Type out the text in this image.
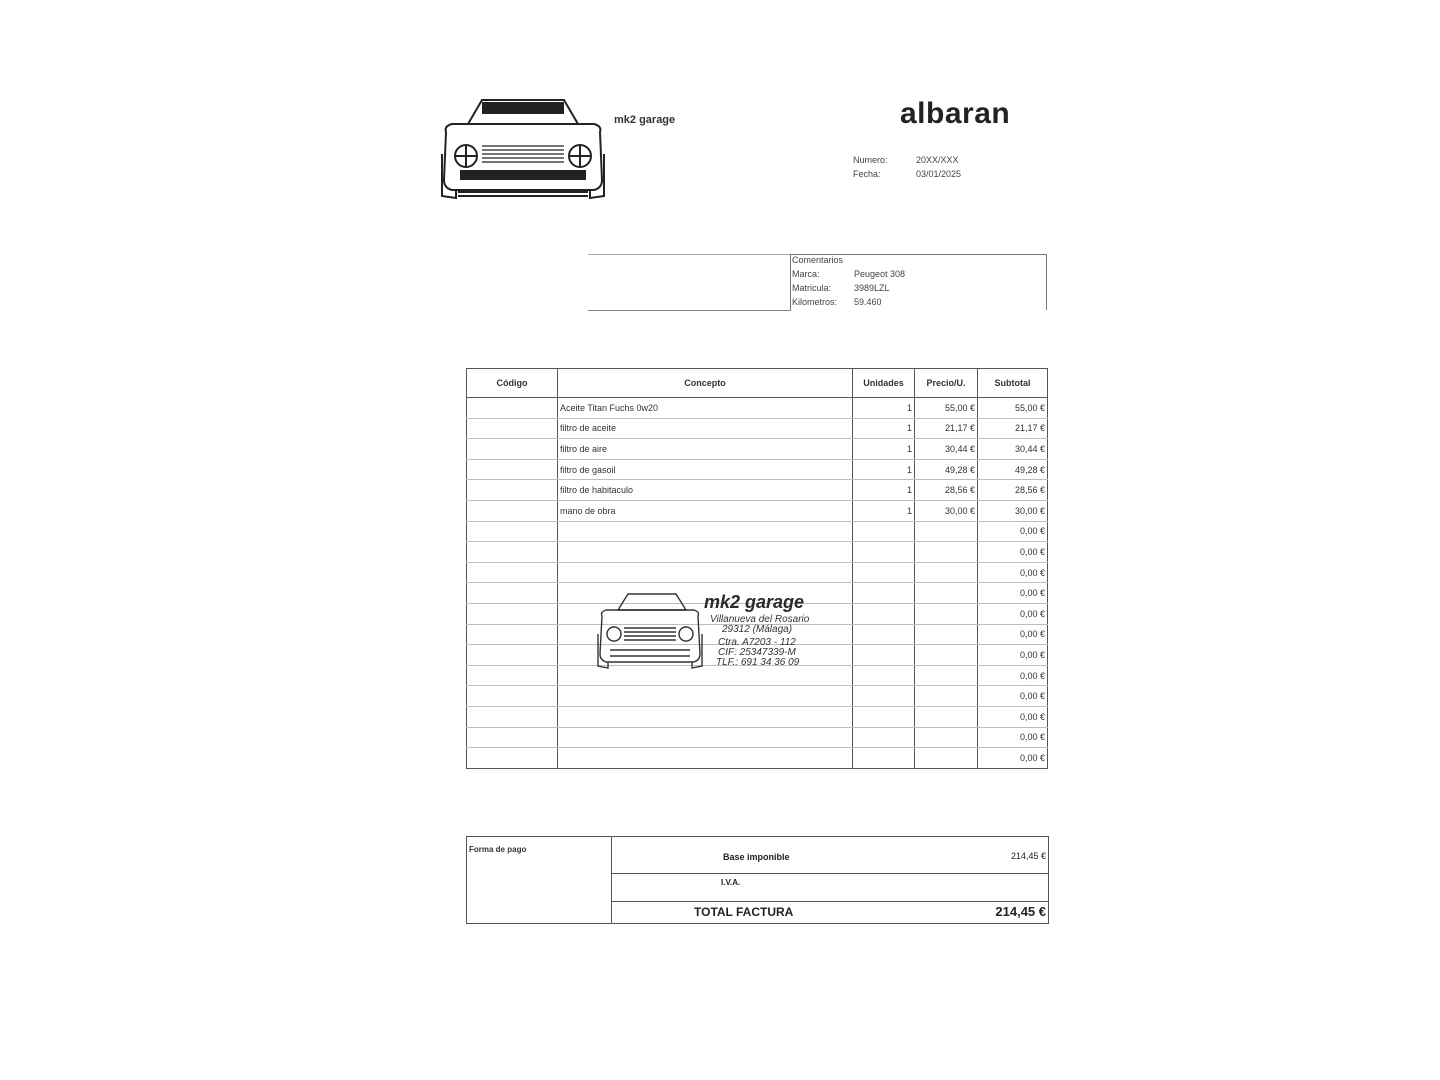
mk2 garage	albaran
Numero:	20XX/XXX
Fecha:	03/01/2025
Comentarios
Marca:	Peugeot 308
Matricula:	3989LZL
Kilometros:	59.460
Código	Concepto	Unidades	Precio/U.	Subtotal
	Aceite Titan Fuchs 0w20	1	55,00 €	55,00 €
	filtro de aceite	1	21,17 €	21,17 €
	filtro de aire	1	30,44 €	30,44 €
	filtro de gasoil	1	49,28 €	49,28 €
	filtro de habitaculo	1	28,56 €	28,56 €
	mano de obra	1	30,00 €	30,00 €
				0,00 €
				0,00 €
				0,00 €
				0,00 €
				0,00 €
				0,00 €
				0,00 €
				0,00 €
				0,00 €
				0,00 €
				0,00 €
				0,00 €
mk2 garage
Villanueva del Rosario
29312 (Málaga)
Ctra. A7203 - 112
CIF: 25347339-M
TLF.: 691 34 36 09
Forma de pago
Base imponible	214,45 €
I.V.A.
TOTAL FACTURA	214,45 €
